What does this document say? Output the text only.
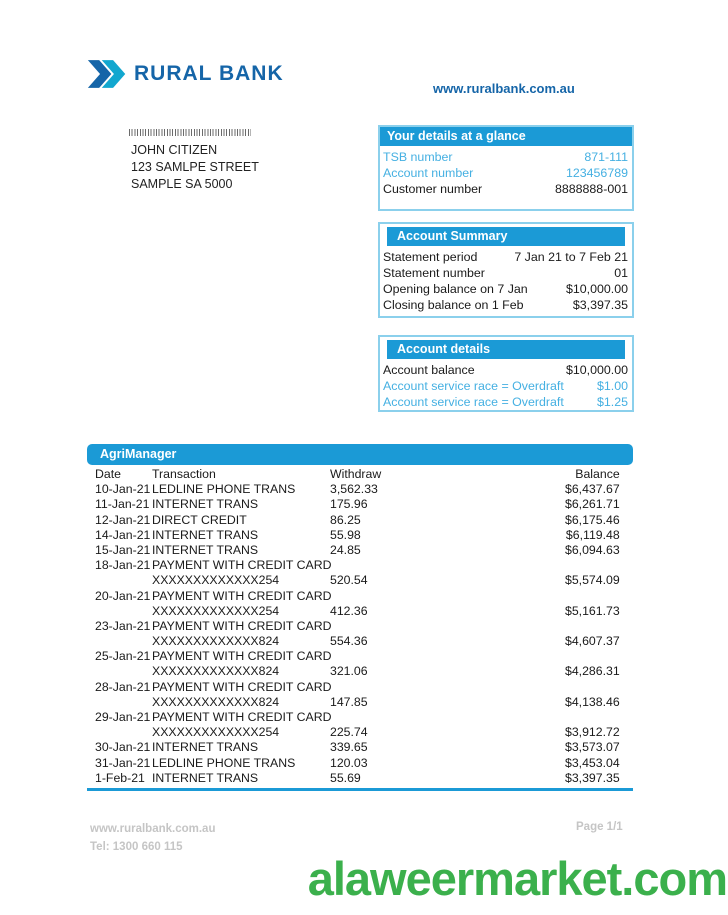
RURAL BANK
www.ruralbank.com.au
JOHN CITIZEN
123 SAMLPE STREET
SAMPLE SA 5000
Your details at a glance
TSB number	871-111
Account number	123456789
Customer number	8888888-001
Account Summary
Statement period	7 Jan 21 to 7 Feb 21
Statement number	01
Opening balance on 7 Jan	$10,000.00
Closing balance on 1 Feb	$3,397.35
Account details
Account balance	$10,000.00
Account service race = Overdraft	$1.00
Account service race = Overdraft	$1.25
AgriManager
Date	Transaction	Withdraw	Balance
10-Jan-21 LEDLINE PHONE TRANS	3,562.33	$6,437.67
11-Jan-21 INTERNET TRANS	175.96	$6,261.71
12-Jan-21 DIRECT CREDIT	86.25	$6,175.46
14-Jan-21 INTERNET TRANS	55.98	$6,119.48
15-Jan-21 INTERNET TRANS	24.85	$6,094.63
18-Jan-21 PAYMENT WITH CREDIT CARD
XXXXXXXXXXXXX254	520.54	$5,574.09
20-Jan-21 PAYMENT WITH CREDIT CARD
XXXXXXXXXXXXX254	412.36	$5,161.73
23-Jan-21 PAYMENT WITH CREDIT CARD
XXXXXXXXXXXXX824	554.36	$4,607.37
25-Jan-21 PAYMENT WITH CREDIT CARD
XXXXXXXXXXXXX824	321.06	$4,286.31
28-Jan-21 PAYMENT WITH CREDIT CARD
XXXXXXXXXXXXX824	147.85	$4,138.46
29-Jan-21 PAYMENT WITH CREDIT CARD
XXXXXXXXXXXXX254	225.74	$3,912.72
30-Jan-21 INTERNET TRANS	339.65	$3,573.07
31-Jan-21 LEDLINE PHONE TRANS	120.03	$3,453.04
1-Feb-21 INTERNET TRANS	55.69	$3,397.35
www.ruralbank.com.au
Tel: 1300 660 115
Page 1/1
alaweermarket.com
